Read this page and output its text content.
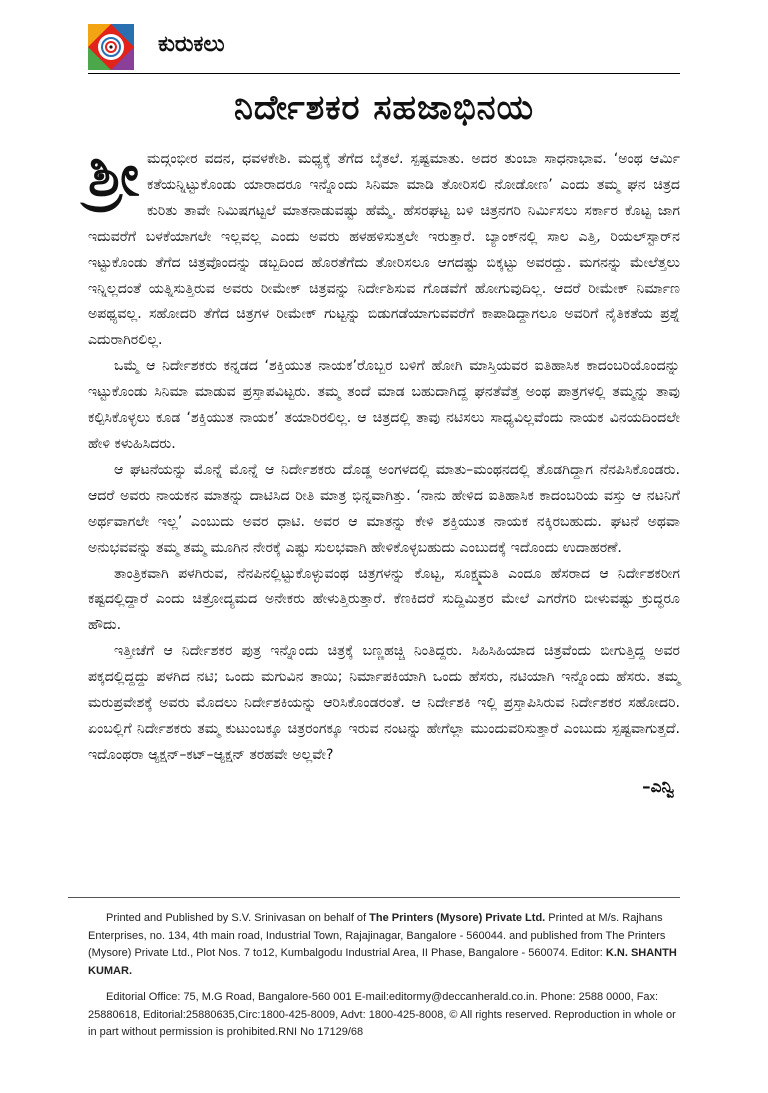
ಕುರುಕಲು
ನಿರ್ದೇಶಕರ ಸಹಜಾಭಿನಯ

ಶ್ರೀ ಮದ್ಗಂಭೀರ ವದನ, ಧವಳಕೇಶಿ. ಮಧ್ಯಕ್ಕೆ ತೆಗೆದ ಬೈತಲೆ. ಸ್ಪಷ್ಟಮಾತು. ಅದರ ತುಂಬಾ ಸಾಧನಾಭಾವ. ‘ಅಂಥ ಆರ್ಮಿ ಕತೆಯನ್ನಿಟ್ಟುಕೊಂಡು ಯಾರಾದರೂ ಇನ್ನೊಂದು ಸಿನಿಮಾ ಮಾಡಿ ತೋರಿಸಲಿ ನೋಡೋಣ’ ಎಂದು ತಮ್ಮ ಘನ ಚಿತ್ರದ ಕುರಿತು ತಾವೇ ನಿಮಿಷಗಟ್ಟಲೆ ಮಾತನಾಡುವಷ್ಟು ಹೆಮ್ಮೆ. ಹೆಸರಘಟ್ಟ ಬಳಿ ಚಿತ್ರನಗರಿ ನಿರ್ಮಿಸಲು ಸರ್ಕಾರ ಕೊಟ್ಟ ಜಾಗ ಇದುವರೆಗೆ ಬಳಕೆಯಾಗಲೇ ಇಲ್ಲವಲ್ಲ ಎಂದು ಅವರು ಹಳಹಳಿಸುತ್ತಲೇ ಇರುತ್ತಾರೆ. ಬ್ಯಾಂಕ್‌ನಲ್ಲಿ ಸಾಲ ಎತ್ತಿ, ರಿಯಲ್‌ಸ್ಟಾರ್‌ನ ಇಟ್ಟುಕೊಂಡು ತೆಗೆದ ಚಿತ್ರವೊಂದನ್ನು ಡಬ್ಬದಿಂದ ಹೊರತೆಗೆದು ತೋರಿಸಲೂ ಆಗದಷ್ಟು ಬಿಕ್ಕಟ್ಟು ಅವರದ್ದು. ಮಗನನ್ನು ಮೇಲೆತ್ತಲು ಇನ್ನಿಲ್ಲದಂತೆ ಯತ್ನಿಸುತ್ತಿರುವ ಅವರು ರೀಮೇಕ್ ಚಿತ್ರವನ್ನು ನಿರ್ದೇಶಿಸುವ ಗೊಡವೆಗೆ ಹೋಗುವುದಿಲ್ಲ. ಆದರೆ ರೀಮೇಕ್ ನಿರ್ಮಾಣ ಅಪಥ್ಯವಲ್ಲ. ಸಹೋದರಿ ತೆಗೆದ ಚಿತ್ರಗಳ ರೀಮೇಕ್ ಗುಟ್ಟನ್ನು ಬಿಡುಗಡೆಯಾಗುವವರೆಗೆ ಕಾಪಾಡಿದ್ದಾಗಲೂ ಅವರಿಗೆ ನೈತಿಕತೆಯ ಪ್ರಶ್ನೆ ಎದುರಾಗಿರಲಿಲ್ಲ.

ಒಮ್ಮೆ ಆ ನಿರ್ದೇಶಕರು ಕನ್ನಡದ ‘ಶಕ್ತಿಯುತ ನಾಯಕ’ರೊಬ್ಬರ ಬಳಿಗೆ ಹೋಗಿ ಮಾಸ್ತಿಯವರ ಐತಿಹಾಸಿಕ ಕಾದಂಬರಿಯೊಂದನ್ನು ಇಟ್ಟುಕೊಂಡು ಸಿನಿಮಾ ಮಾಡುವ ಪ್ರಸ್ತಾಪವಿಟ್ಟರು. ತಮ್ಮ ತಂದೆ ಮಾಡ ಬಹುದಾಗಿದ್ದ ಘನತೆವೆತ್ತ ಅಂಥ ಪಾತ್ರಗಳಲ್ಲಿ ತಮ್ಮನ್ನು ತಾವು ಕಲ್ಪಿಸಿಕೊಳ್ಳಲು ಕೂಡ ‘ಶಕ್ತಿಯುತ ನಾಯಕ’ ತಯಾರಿರಲಿಲ್ಲ. ಆ ಚಿತ್ರದಲ್ಲಿ ತಾವು ನಟಿಸಲು ಸಾಧ್ಯವಿಲ್ಲವೆಂದು ನಾಯಕ ವಿನಯದಿಂದಲೇ ಹೇಳಿ ಕಳುಹಿಸಿದರು.

ಆ ಘಟನೆಯನ್ನು ಮೊನ್ನೆ ಮೊನ್ನೆ ಆ ನಿರ್ದೇಶಕರು ದೊಡ್ಡ ಅಂಗಳದಲ್ಲಿ ಮಾತು–ಮಂಥನದಲ್ಲಿ ತೊಡಗಿದ್ದಾಗ ನೆನಪಿಸಿಕೊಂಡರು. ಆದರೆ ಅವರು ನಾಯಕನ ಮಾತನ್ನು ದಾಟಿಸಿದ ರೀತಿ ಮಾತ್ರ ಭಿನ್ನವಾಗಿತ್ತು. ‘ನಾನು ಹೇಳಿದ ಐತಿಹಾಸಿಕ ಕಾದಂಬರಿಯ ವಸ್ತು ಆ ನಟನಿಗೆ ಅರ್ಥವಾಗಲೇ ಇಲ್ಲ’ ಎಂಬುದು ಅವರ ಧಾಟಿ. ಅವರ ಆ ಮಾತನ್ನು ಕೇಳಿ ಶಕ್ತಿಯುತ ನಾಯಕ ನಕ್ಕಿರಬಹುದು. ಘಟನೆ ಅಥವಾ ಅನುಭವವನ್ನು ತಮ್ಮ ತಮ್ಮ ಮೂಗಿನ ನೇರಕ್ಕೆ ಎಷ್ಟು ಸುಲಭವಾಗಿ ಹೇಳಿಕೊಳ್ಳಬಹುದು ಎಂಬುದಕ್ಕೆ ಇದೊಂದು ಉದಾಹರಣೆ.

ತಾಂತ್ರಿಕವಾಗಿ ಪಳಗಿರುವ, ನೆನಪಿನಲ್ಲಿಟ್ಟುಕೊಳ್ಳುವಂಥ ಚಿತ್ರಗಳನ್ನು ಕೊಟ್ಟ, ಸೂಕ್ಷ್ಮಮತಿ ಎಂದೂ ಹೆಸರಾದ ಆ ನಿರ್ದೇಶಕರೀಗ ಕಷ್ಟದಲ್ಲಿದ್ದಾರೆ ಎಂದು ಚಿತ್ರೋದ್ಯಮದ ಅನೇಕರು ಹೇಳುತ್ತಿರುತ್ತಾರೆ. ಕೆಣಕಿದರೆ ಸುದ್ದಿಮಿತ್ರರ ಮೇಲೆ ಎಗರೆಗರಿ ಬೀಳುವಷ್ಟು ಕ್ರುದ್ಧರೂ ಹೌದು.

ಇತ್ತೀಚೆಗೆ ಆ ನಿರ್ದೇಶಕರ ಪುತ್ರ ಇನ್ನೊಂದು ಚಿತ್ರಕ್ಕೆ ಬಣ್ಣಹಚ್ಚಿ ನಿಂತಿದ್ದರು. ಸಿಹಿಸಿಹಿಯಾದ ಚಿತ್ರವೆಂದು ಬೀಗುತ್ತಿದ್ದ ಅವರ ಪಕ್ಕದಲ್ಲಿದ್ದದ್ದು ಪಳಗಿದ ನಟಿ; ಒಂದು ಮಗುವಿನ ತಾಯಿ; ನಿರ್ಮಾಪಕಿಯಾಗಿ ಒಂದು ಹೆಸರು, ನಟಿಯಾಗಿ ಇನ್ನೊಂದು ಹೆಸರು. ತಮ್ಮ ಮರುಪ್ರವೇಶಕ್ಕೆ ಅವರು ಮೊದಲು ನಿರ್ದೇಶಕಿಯನ್ನು ಆರಿಸಿಕೊಂಡರಂತೆ. ಆ ನಿರ್ದೇಶಕಿ ಇಲ್ಲಿ ಪ್ರಸ್ತಾಪಿಸಿರುವ ನಿರ್ದೇಶಕರ ಸಹೋದರಿ. ಏಂಬಲ್ಲಿಗೆ ನಿರ್ದೇಶಕರು ತಮ್ಮ ಕುಟುಂಬಕ್ಕೂ ಚಿತ್ರರಂಗಕ್ಕೂ ಇರುವ ನಂಟನ್ನು ಹೇಗೆಲ್ಲಾ ಮುಂದುವರಿಸುತ್ತಾರೆ ಎಂಬುದು ಸ್ಪಷ್ಟವಾಗುತ್ತದೆ. ಇದೊಂಥರಾ ಆ್ಯಕ್ಷನ್–ಕಟ್–ಆ್ಯಕ್ಷನ್ ತರಹವೇ ಅಲ್ಲವೇ?

–ಎನ್ವಿ

Printed and Published by S.V. Srinivasan on behalf of The Printers (Mysore) Private Ltd. Printed at M/s. Rajhans Enterprises, no. 134, 4th main road, Industrial Town, Rajajinagar, Bangalore - 560044. and published from The Printers (Mysore) Private Ltd., Plot Nos. 7 to12, Kumbalgodu Industrial Area, II Phase, Bangalore - 560074. Editor: K.N. SHANTH KUMAR.

Editorial Office: 75, M.G Road, Bangalore-560 001 E-mail:editormy@deccanherald.co.in. Phone: 2588 0000, Fax: 25880618, Editorial:25880635,Circ:1800-425-8009, Advt: 1800-425-8008, © All rights reserved. Reproduction in whole or in part without permission is prohibited.RNI No 17129/68
